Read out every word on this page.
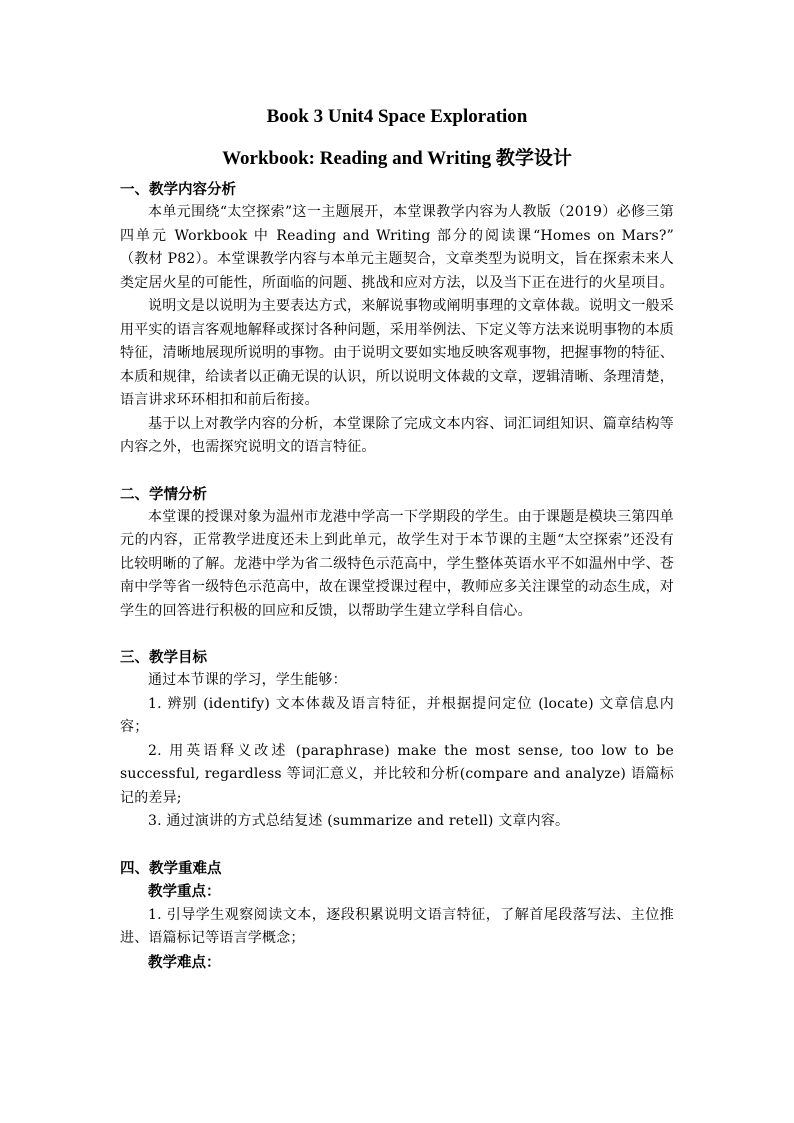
Book 3 Unit4 Space Exploration

Workbook: Reading and Writing 教学设计

一、教学内容分析

本单元围绕“太空探索”这一主题展开，本堂课教学内容为人教版（2019）必修三第四单元 Workbook 中 Reading and Writing 部分的阅读课“Homes on Mars?” （教材 P82）。本堂课教学内容与本单元主题契合，文章类型为说明文，旨在探索未来人类定居火星的可能性，所面临的问题、挑战和应对方法，以及当下正在进行的火星项目。

说明文是以说明为主要表达方式，来解说事物或阐明事理的文章体裁。说明文一般采用平实的语言客观地解释或探讨各种问题，采用举例法、下定义等方法来说明事物的本质特征，清晰地展现所说明的事物。由于说明文要如实地反映客观事物，把握事物的特征、本质和规律，给读者以正确无误的认识，所以说明文体裁的文章，逻辑清晰、条理清楚，语言讲求环环相扣和前后衔接。

基于以上对教学内容的分析，本堂课除了完成文本内容、词汇词组知识、篇章结构等内容之外，也需探究说明文的语言特征。

二、学情分析

本堂课的授课对象为温州市龙港中学高一下学期段的学生。由于课题是模块三第四单元的内容，正常教学进度还未上到此单元，故学生对于本节课的主题“太空探索”还没有比较明晰的了解。龙港中学为省二级特色示范高中，学生整体英语水平不如温州中学、苍南中学等省一级特色示范高中，故在课堂授课过程中，教师应多关注课堂的动态生成，对学生的回答进行积极的回应和反馈，以帮助学生建立学科自信心。

三、教学目标

通过本节课的学习，学生能够：

1. 辨别 (identify) 文本体裁及语言特征，并根据提问定位 (locate) 文章信息内容；

2. 用英语释义改述 (paraphrase) make the most sense, too low to be successful, regardless 等词汇意义，并比较和分析(compare and analyze) 语篇标记的差异;

3. 通过演讲的方式总结复述 (summarize and retell) 文章内容。

四、教学重难点

教学重点：

1. 引导学生观察阅读文本，逐段积累说明文语言特征，了解首尾段落写法、主位推进、语篇标记等语言学概念；

教学难点：
